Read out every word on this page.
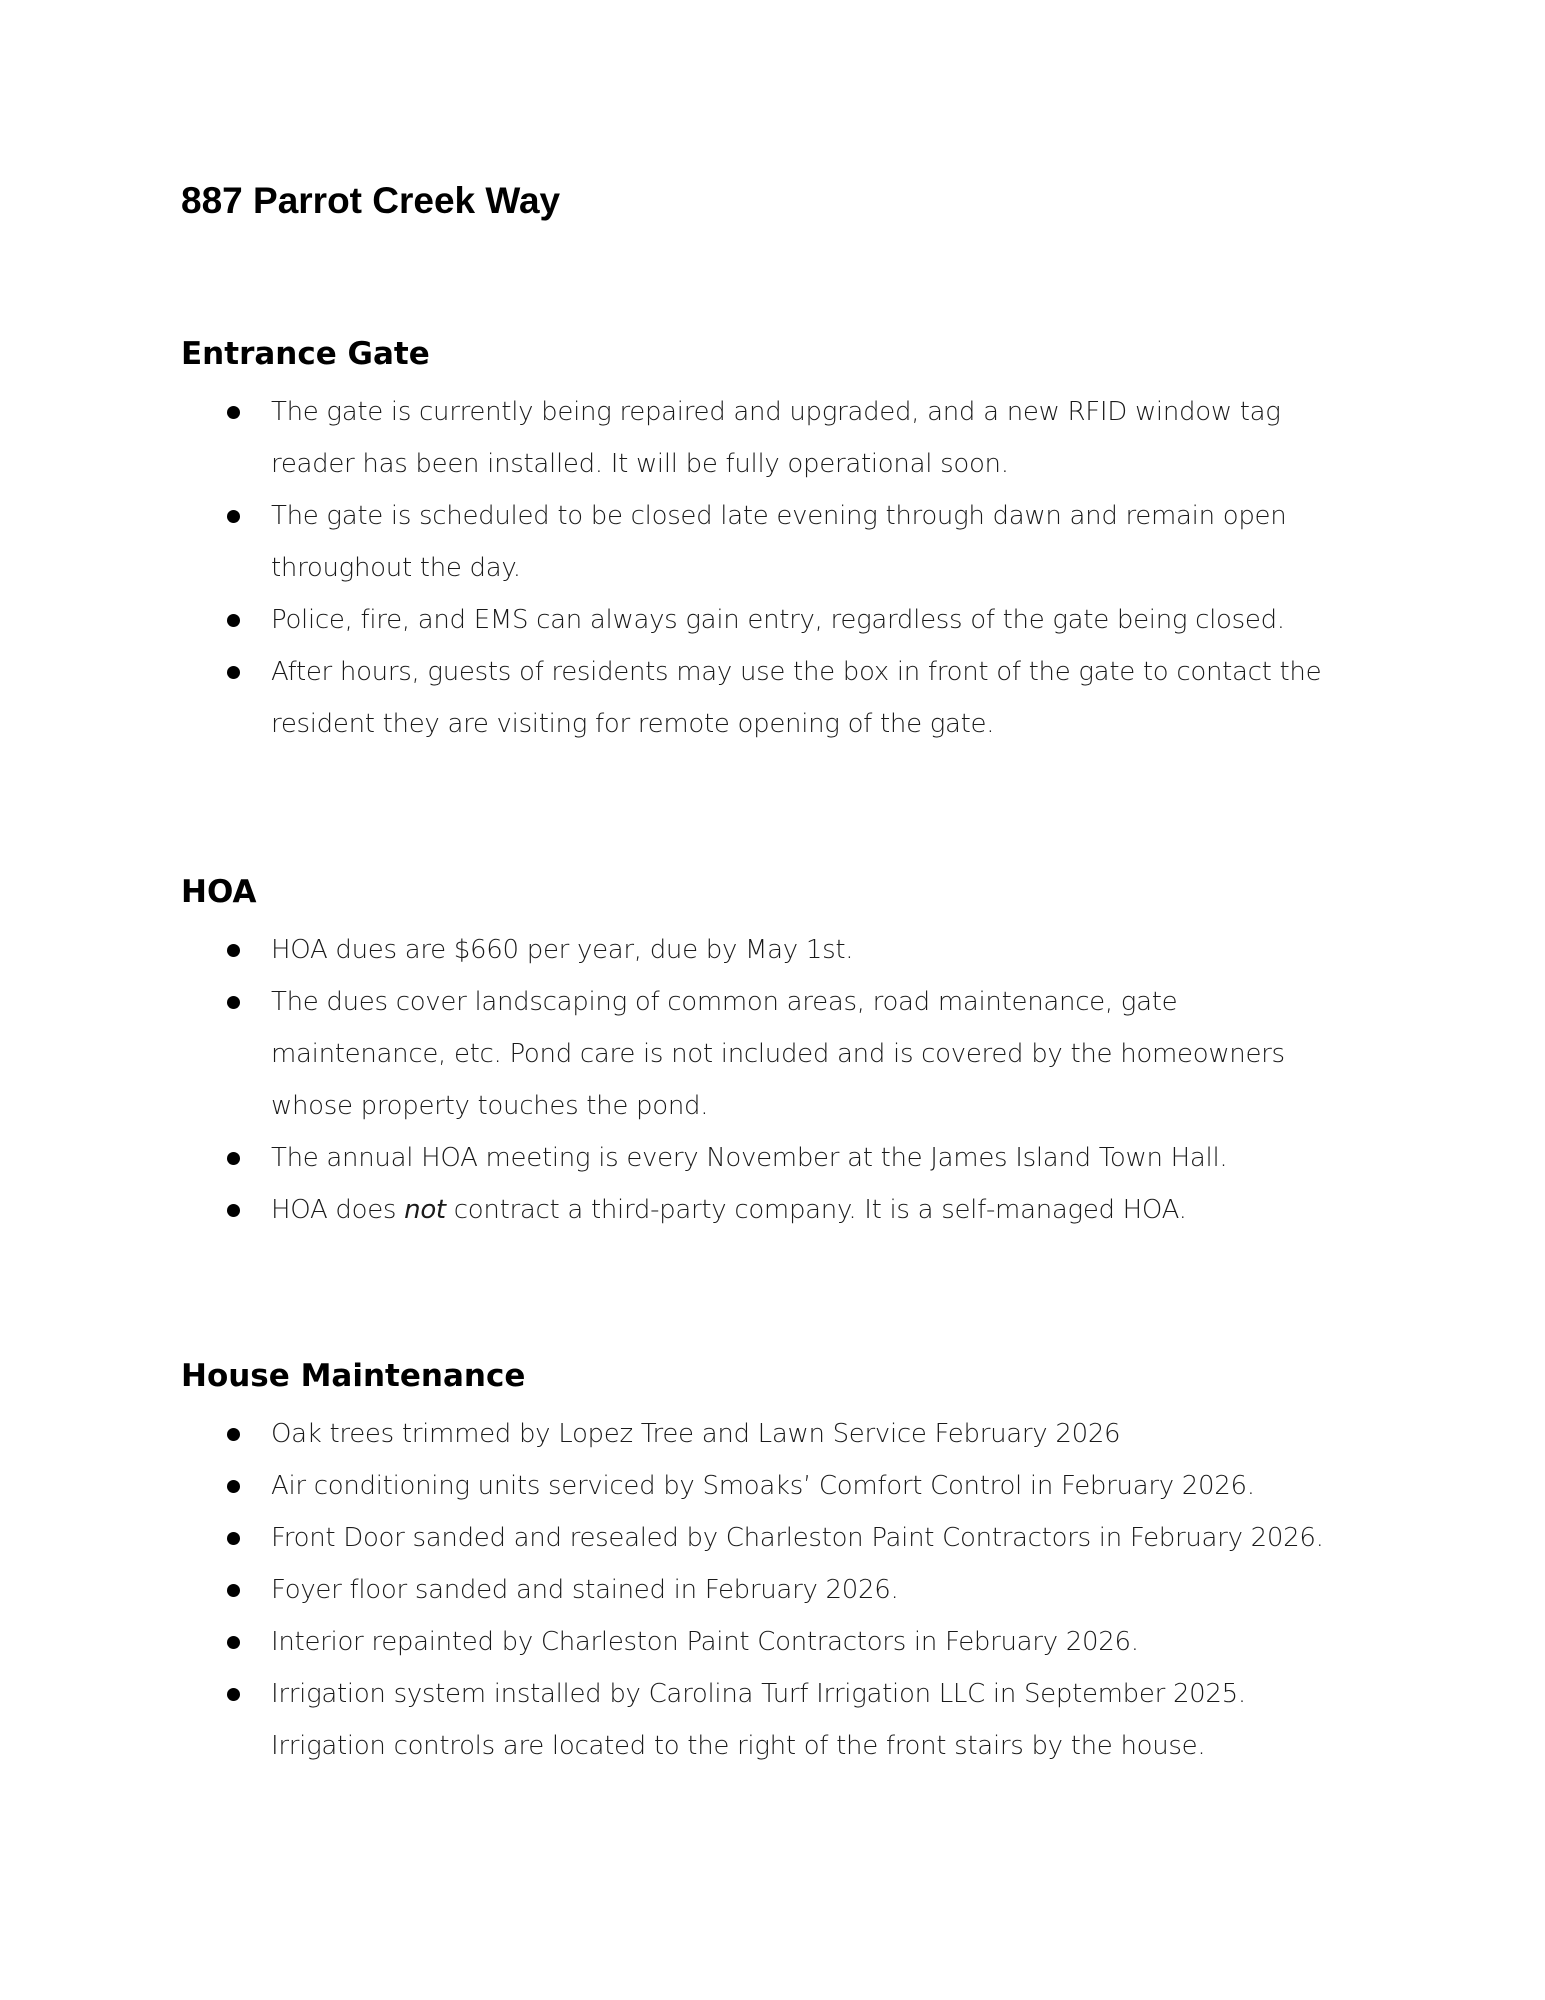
887 Parrot Creek Way
Entrance Gate
The gate is currently being repaired and upgraded, and a new RFID window tag reader has been installed. It will be fully operational soon.
The gate is scheduled to be closed late evening through dawn and remain open throughout the day.
Police, fire, and EMS can always gain entry, regardless of the gate being closed.
After hours, guests of residents may use the box in front of the gate to contact the resident they are visiting for remote opening of the gate.
HOA
HOA dues are $660 per year, due by May 1st.
The dues cover landscaping of common areas, road maintenance, gate maintenance, etc. Pond care is not included and is covered by the homeowners whose property touches the pond.
The annual HOA meeting is every November at the James Island Town Hall.
HOA does not contract a third-party company. It is a self-managed HOA.
House Maintenance
Oak trees trimmed by Lopez Tree and Lawn Service February 2026
Air conditioning units serviced by Smoaks’ Comfort Control in February 2026.
Front Door sanded and resealed by Charleston Paint Contractors in February 2026.
Foyer floor sanded and stained in February 2026.
Interior repainted by Charleston Paint Contractors in February 2026.
Irrigation system installed by Carolina Turf Irrigation LLC in September 2025. Irrigation controls are located to the right of the front stairs by the house.
